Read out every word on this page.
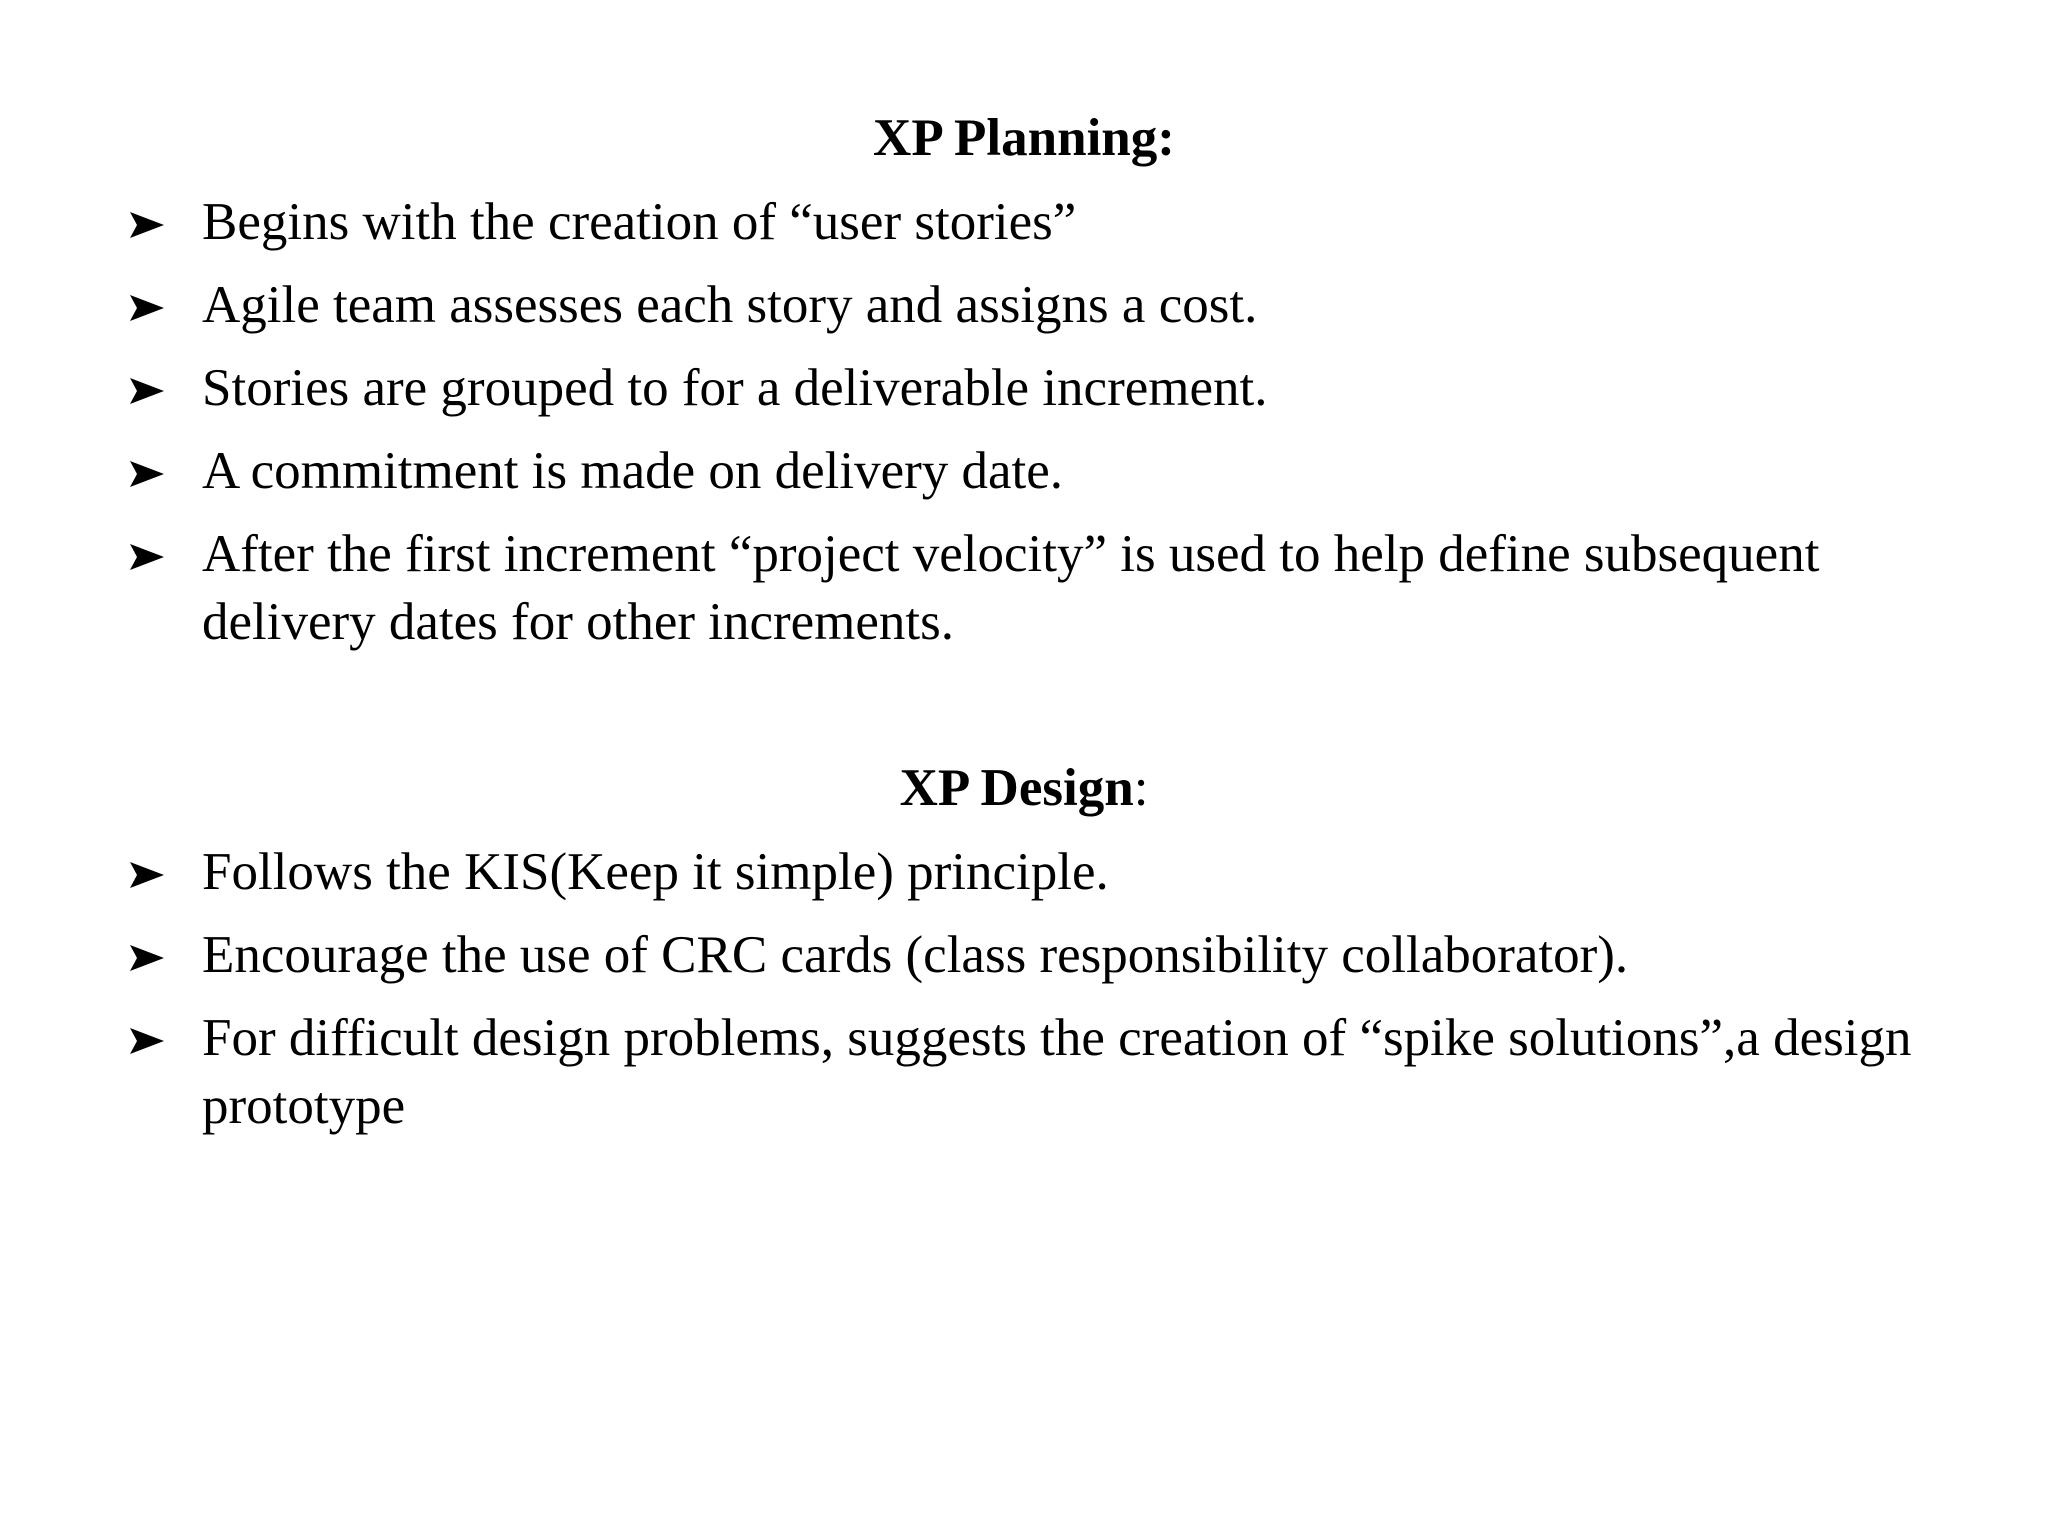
XP Planning:
Begins with the creation of “user stories”
Agile team assesses each story and assigns a cost.
Stories are grouped to for a deliverable increment.
A commitment is made on delivery date.
After the first increment “project velocity” is used to help define subsequent delivery dates for other increments.
XP Design:
Follows the KIS(Keep it simple) principle.
Encourage the use of CRC cards (class responsibility collaborator).
For difficult design problems, suggests the creation of “spike solutions”,a design prototype
